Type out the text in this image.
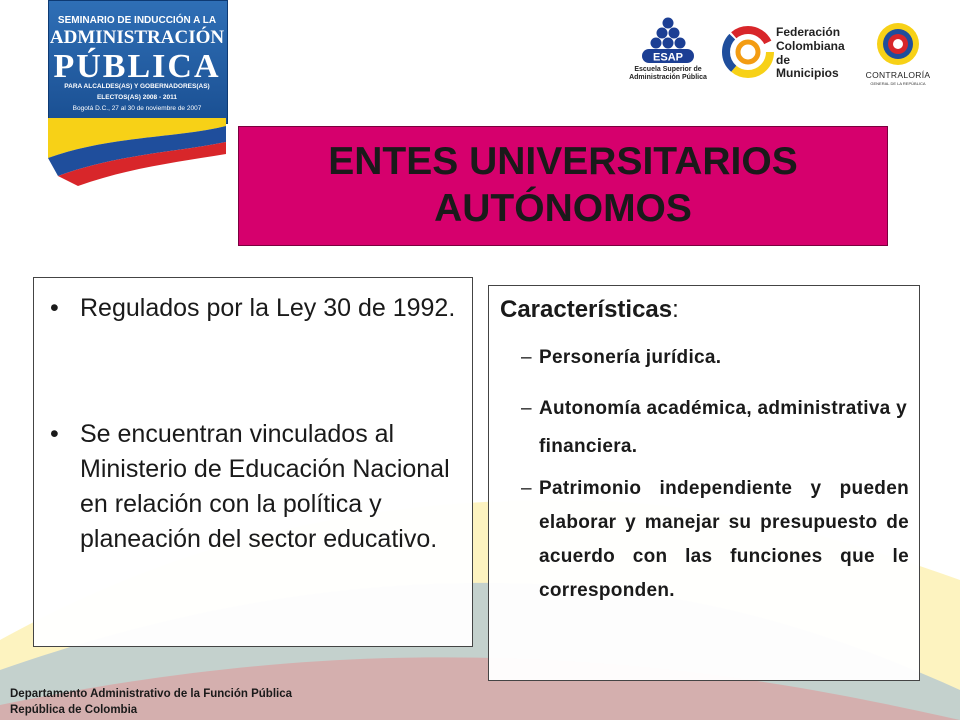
SEMINARIO DE INDUCCIÓN A LA
ADMINISTRACIÓN
PÚBLICA
PARA ALCALDES(AS) Y GOBERNADORES(AS)
ELECTOS(AS) 2008 - 2011
Bogotá D.C., 27 al 30 de noviembre de 2007
ESAP
Escuela Superior de
Administración Pública
Federación
Colombiana
de Municipios	CONTRALORÍA
GENERAL DE LA REPÚBLICA
ENTES UNIVERSITARIOS
AUTÓNOMOS
• Regulados por la Ley 30 de 1992.
• Se encuentran vinculados al Ministerio de Educación Nacional en relación con la política y planeación del sector educativo.
Características:
– Personería jurídica.
– Autonomía académica, administrativa y financiera.
– Patrimonio independiente y pueden elaborar y manejar su presupuesto de acuerdo con las funciones que le corresponden.
Departamento Administrativo de la Función Pública
República de Colombia
